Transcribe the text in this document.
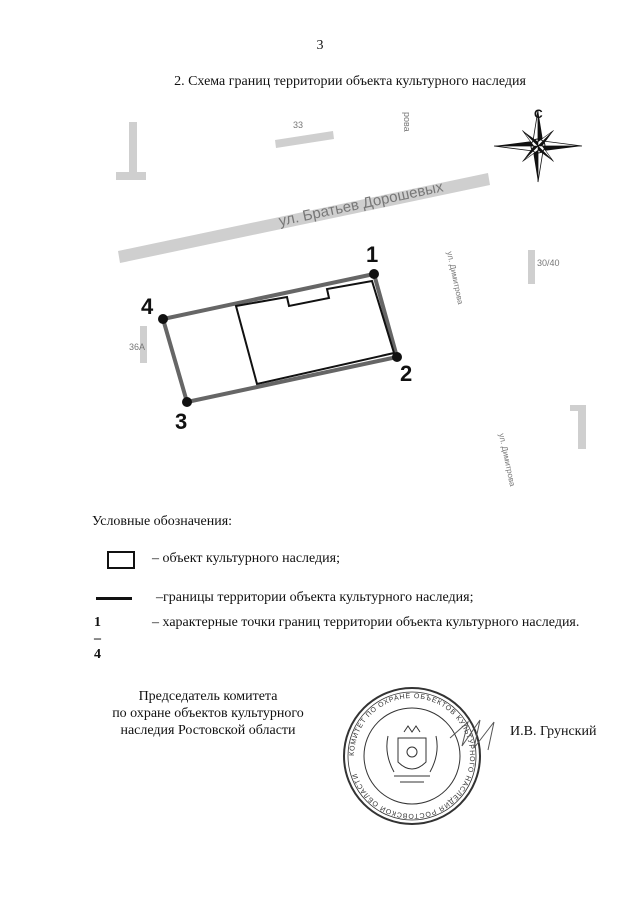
3
2. Схема границ территории объекта культурного наследия
33	рова
ул. Братьев Дорошевых
ул. Димитрова	30/40
36А
ул. Димитрова
С
1
2
3
4
Условные обозначения:
– объект культурного наследия;
–границы территории объекта культурного наследия;
1 – 4
– характерные точки границ территории объекта культурного наследия.
Председатель комитета
по охране объектов культурного
наследия Ростовской области
КОМИТЕТ ПО ОХРАНЕ ОБЪЕКТОВ КУЛЬТУРНОГО НАСЛЕДИЯ РОСТОВСКОЙ ОБЛАСТИ
И.В. Грунский
